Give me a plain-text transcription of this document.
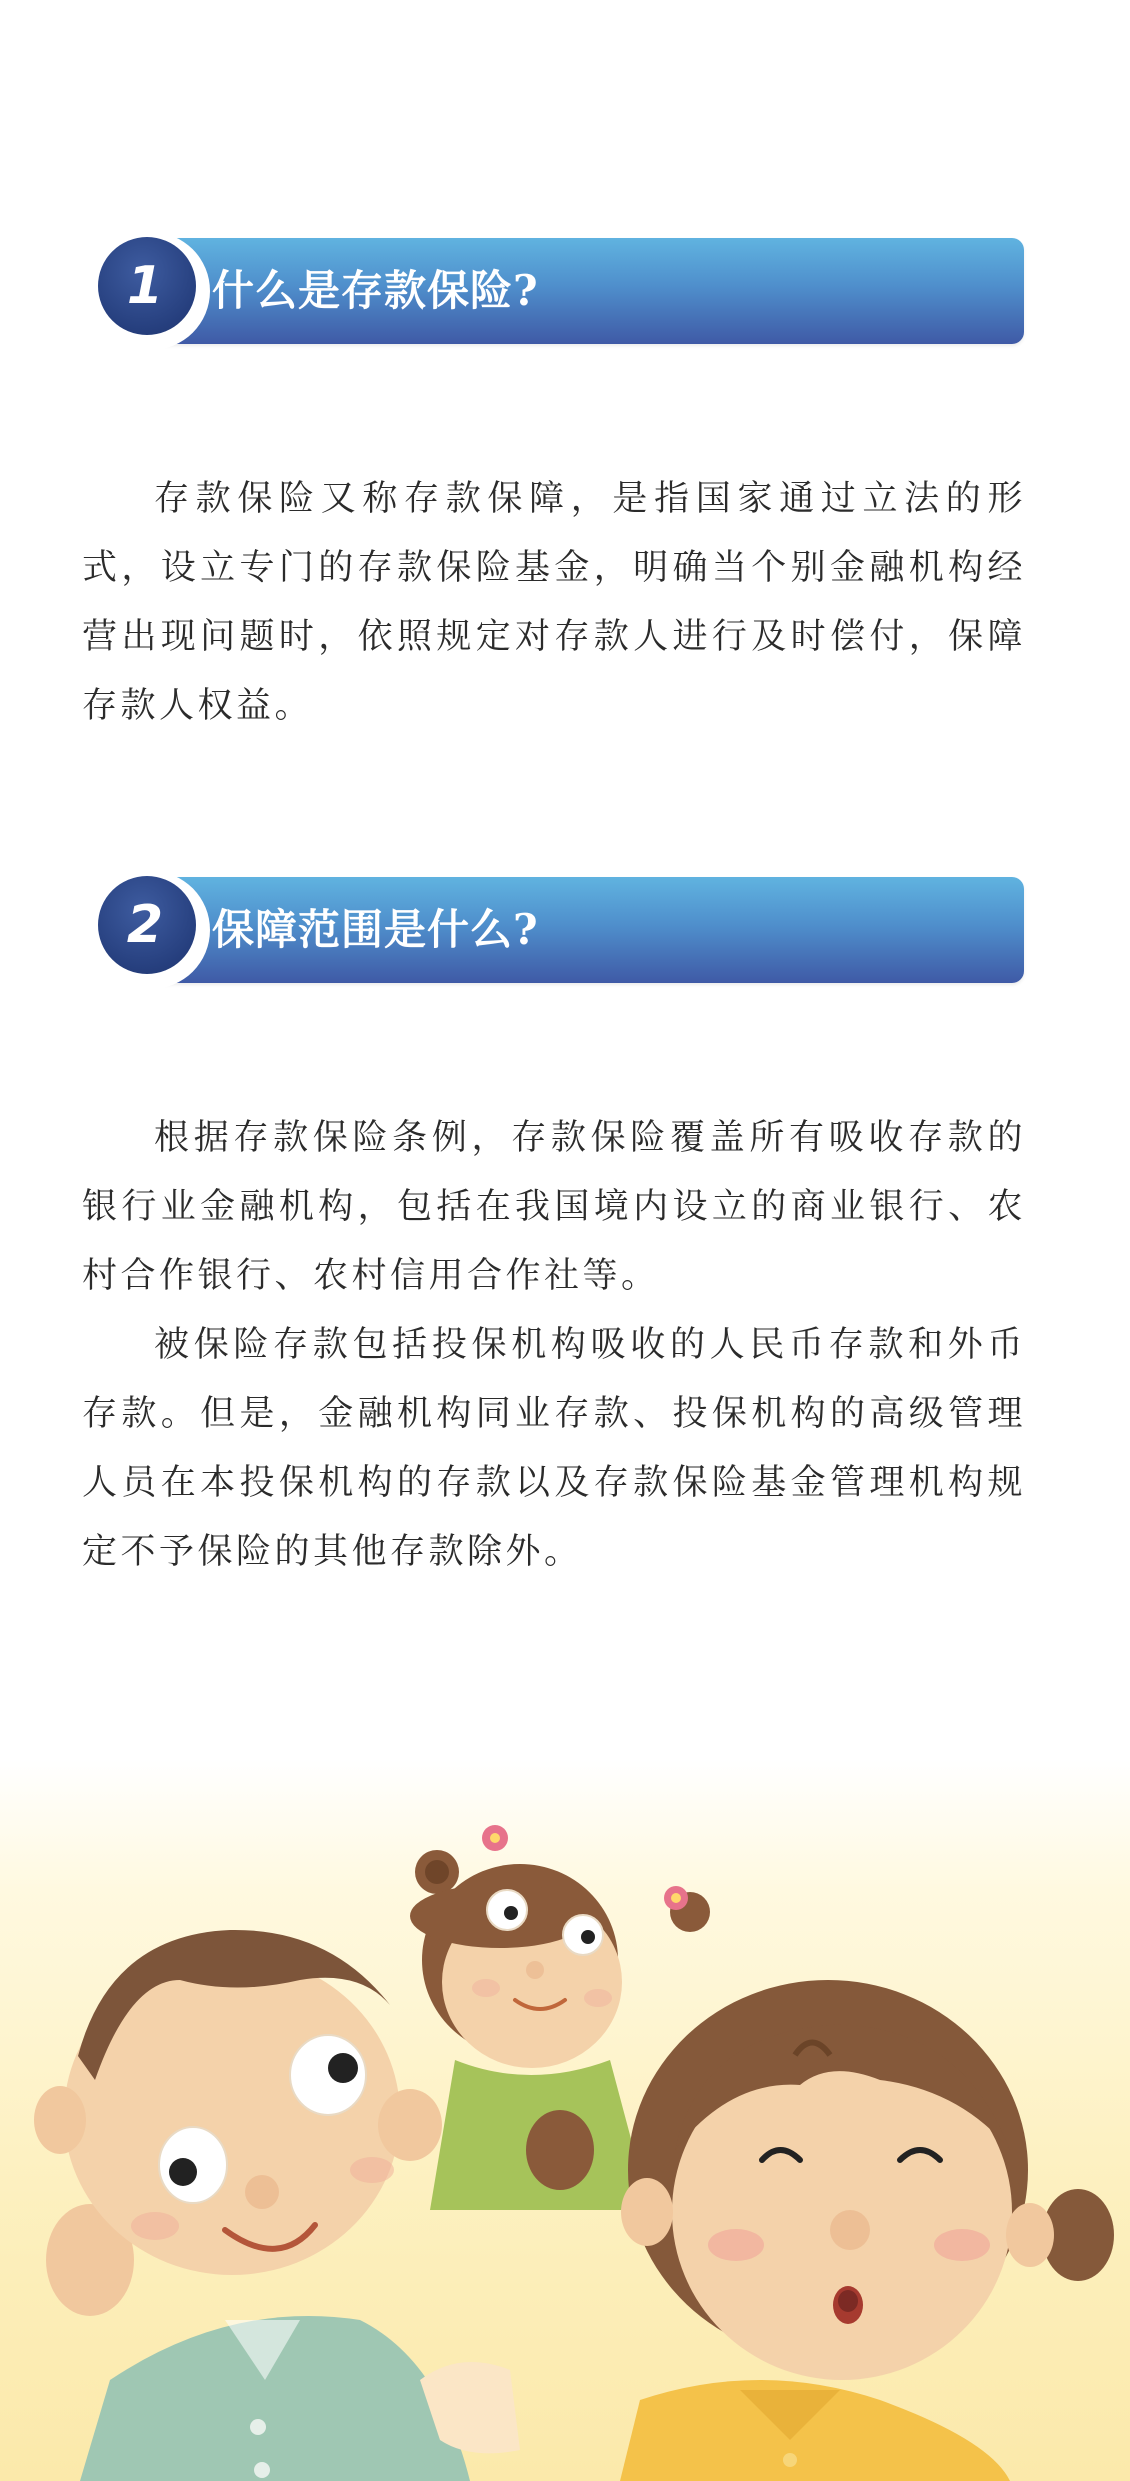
1 什么是存款保险?

存款保险又称存款保障，是指国家通过立法的形式，设立专门的存款保险基金，明确当个别金融机构经营出现问题时，依照规定对存款人进行及时偿付，保障存款人权益。

2 保障范围是什么?

根据存款保险条例，存款保险覆盖所有吸收存款的银行业金融机构，包括在我国境内设立的商业银行、农村合作银行、农村信用合作社等。

被保险存款包括投保机构吸收的人民币存款和外币存款。但是，金融机构同业存款、投保机构的高级管理人员在本投保机构的存款以及存款保险基金管理机构规定不予保险的其他存款除外。
